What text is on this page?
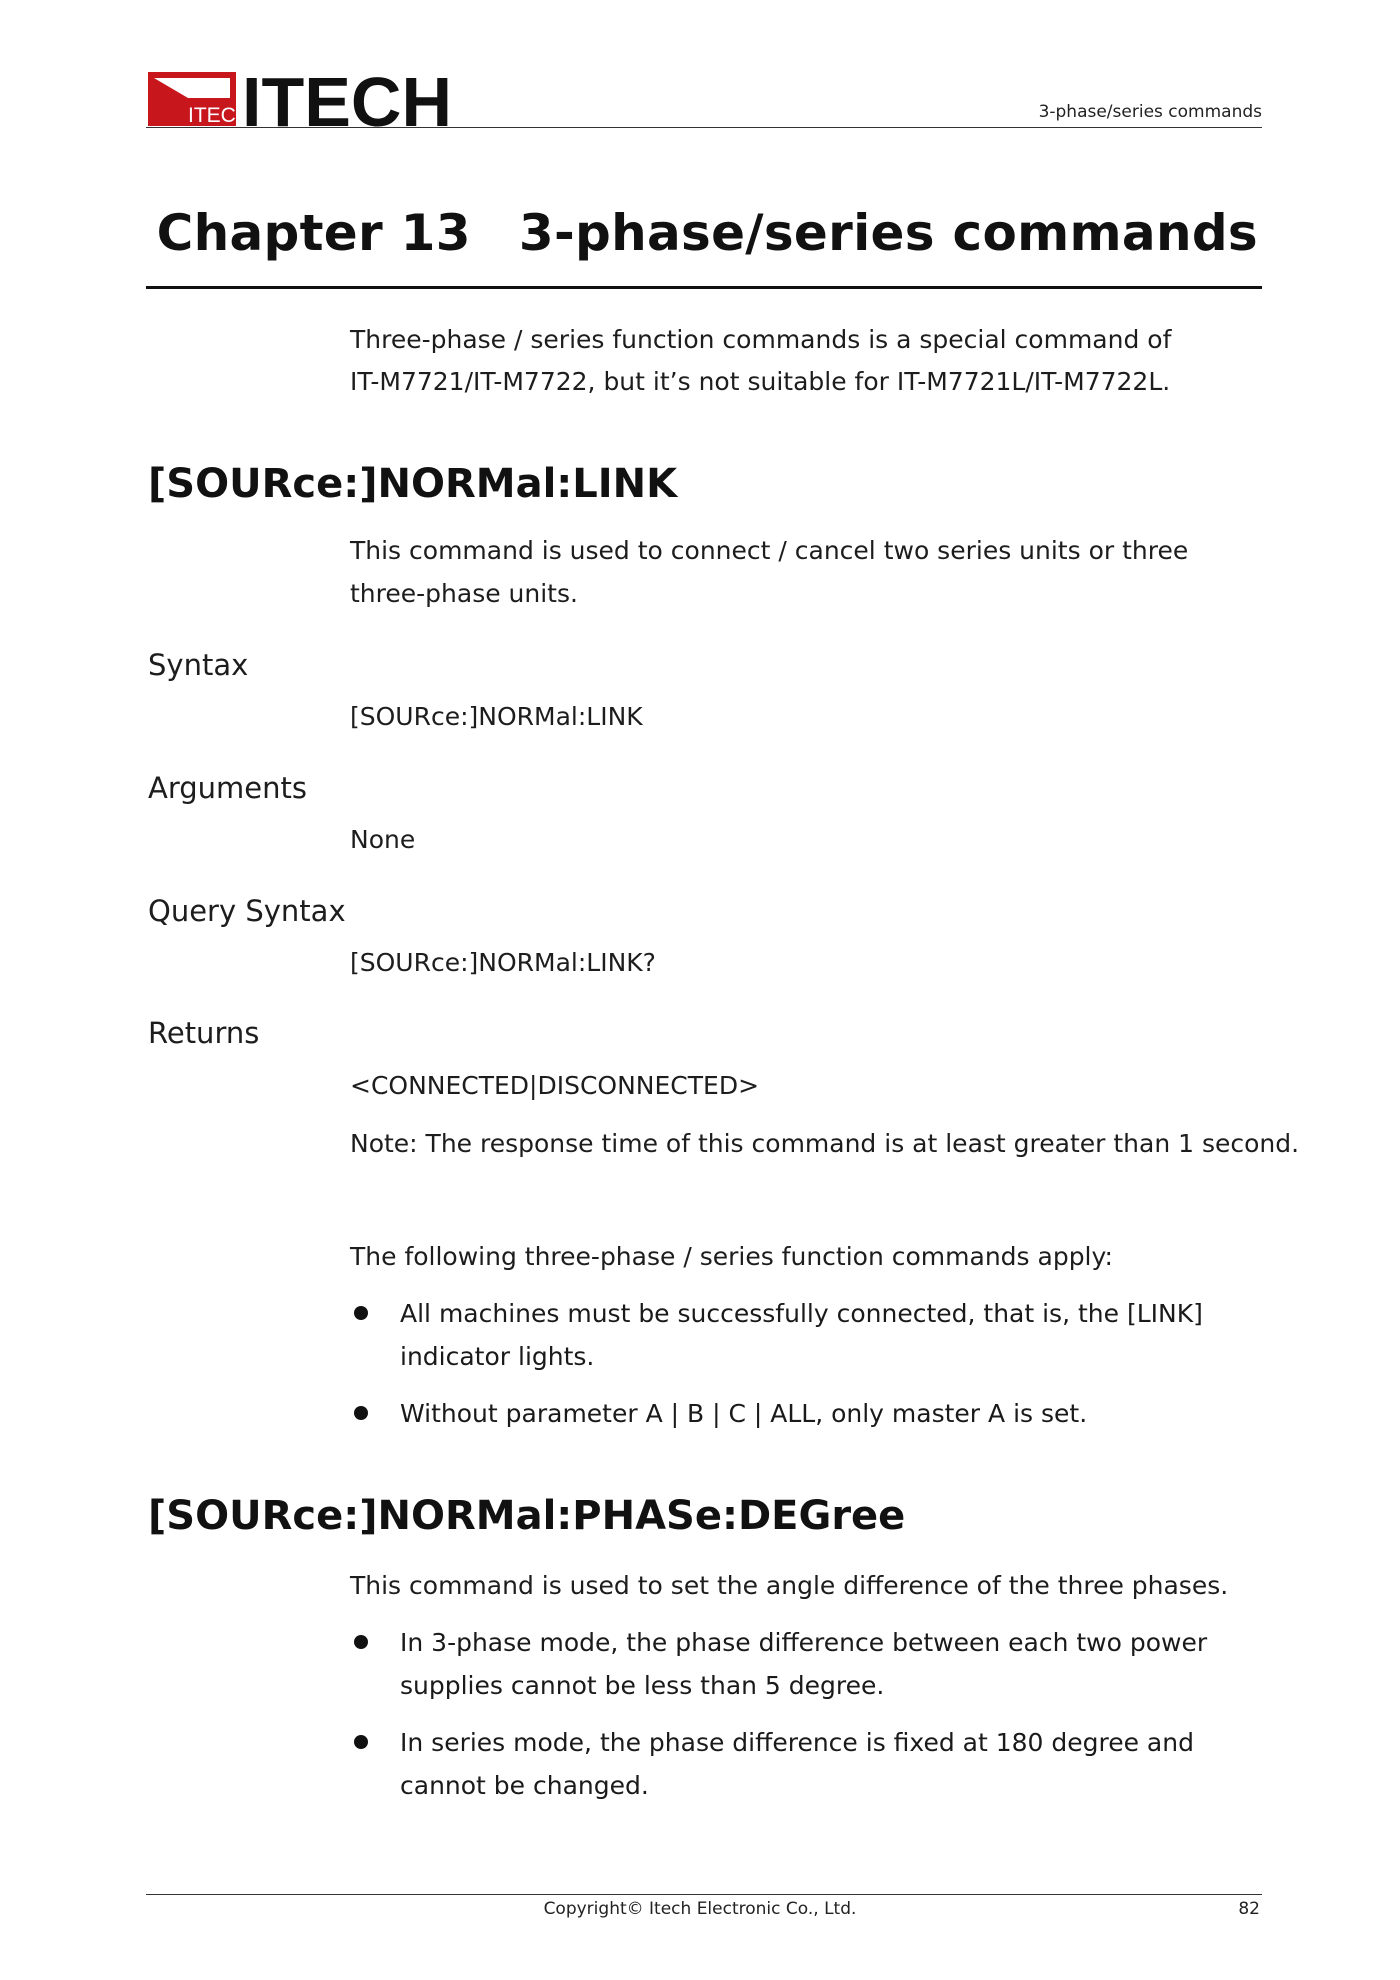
ITECH
ITECH	3-phase/series commands
Chapter 13 3-phase/series commands
Three-phase / series function commands is a special command of
IT-M7721/IT-M7722, but it’s not suitable for IT-M7721L/IT-M7722L.
[SOURce:]NORMal:LINK
This command is used to connect / cancel two series units or three three-phase units.
Syntax
[SOURce:]NORMal:LINK
Arguments
None
Query Syntax
[SOURce:]NORMal:LINK?
Returns
<CONNECTED|DISCONNECTED>
Note: The response time of this command is at least greater than 1 second.
The following three-phase / series function commands apply:
All machines must be successfully connected, that is, the [LINK] indicator lights.
Without parameter A | B | C | ALL, only master A is set.
[SOURce:]NORMal:PHASe:DEGree
This command is used to set the angle difference of the three phases.
In 3-phase mode, the phase difference between each two power supplies cannot be less than 5 degree.
In series mode, the phase difference is fixed at 180 degree and cannot be changed.
Copyright© Itech Electronic Co., Ltd.	82
